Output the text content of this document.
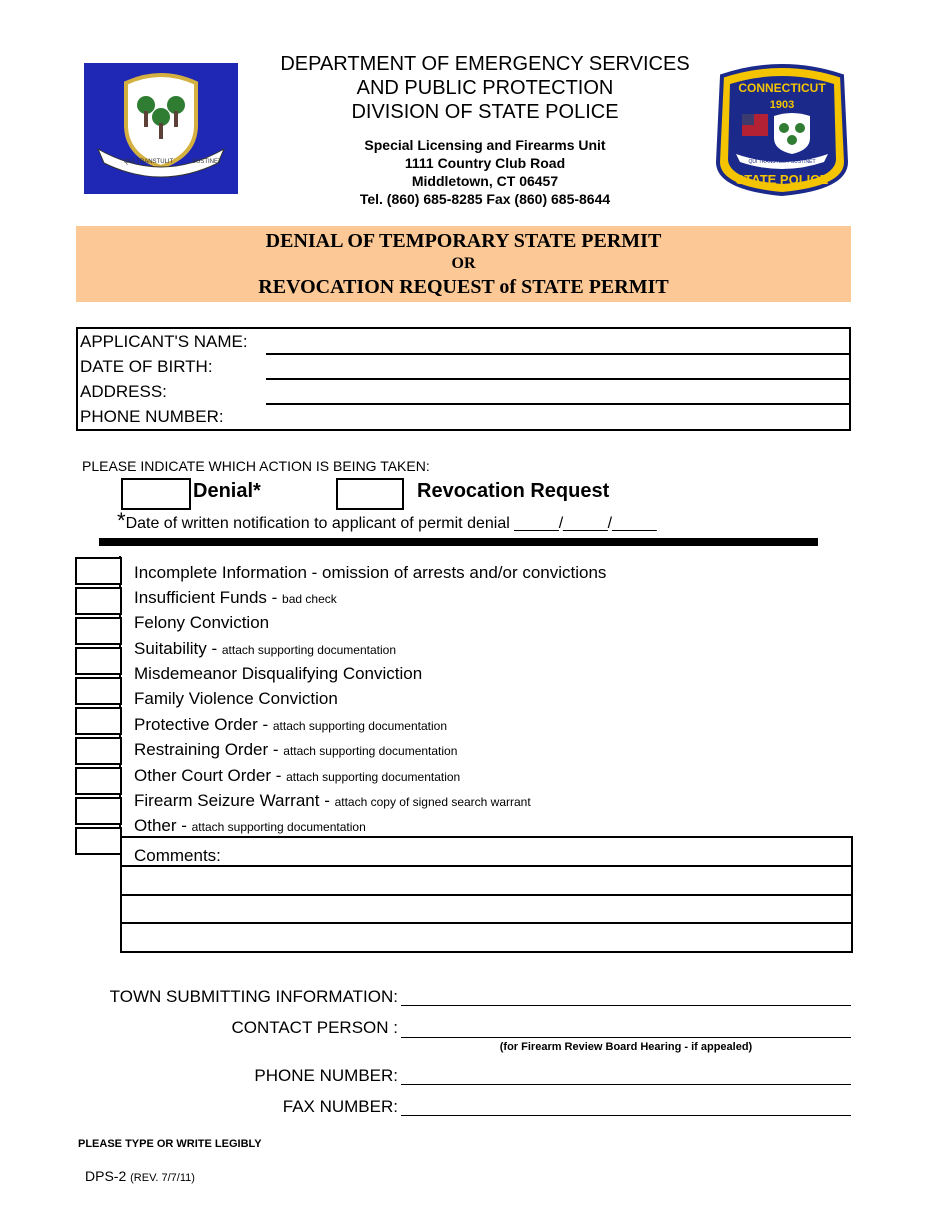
SUSTINET
QUI TRANSTULIT
DEPARTMENT OF EMERGENCY SERVICES
AND PUBLIC PROTECTION
DIVISION OF STATE POLICE
Special Licensing and Firearms Unit
1111 Country Club Road
Middletown, CT 06457
Tel. (860) 685-8285 Fax (860) 685-8644
CONNECTICUT
1903
QUI TRANSTULIT SUSTINET
STATE POLICE
DENIAL OF TEMPORARY STATE PERMIT
OR
REVOCATION REQUEST of STATE PERMIT
APPLICANT'S NAME:
DATE OF BIRTH:
ADDRESS:
PHONE NUMBER:
PLEASE INDICATE WHICH ACTION IS BEING TAKEN:
Denial*	Revocation Request
*Date of written notification to applicant of permit denial _____/_____/_____
Incomplete Information - omission of arrests and/or convictions
Insufficient Funds - bad check
Felony Conviction
Suitability - attach supporting documentation
Misdemeanor Disqualifying Conviction
Family Violence Conviction
Protective Order - attach supporting documentation
Restraining Order - attach supporting documentation
Other Court Order - attach supporting documentation
Firearm Seizure Warrant - attach copy of signed search warrant
Other - attach supporting documentation
Comments:
TOWN SUBMITTING INFORMATION:
CONTACT PERSON :
(for Firearm Review Board Hearing - if appealed)
PHONE NUMBER:
FAX NUMBER:
PLEASE TYPE OR WRITE LEGIBLY
DPS-2 (REV. 7/7/11)
